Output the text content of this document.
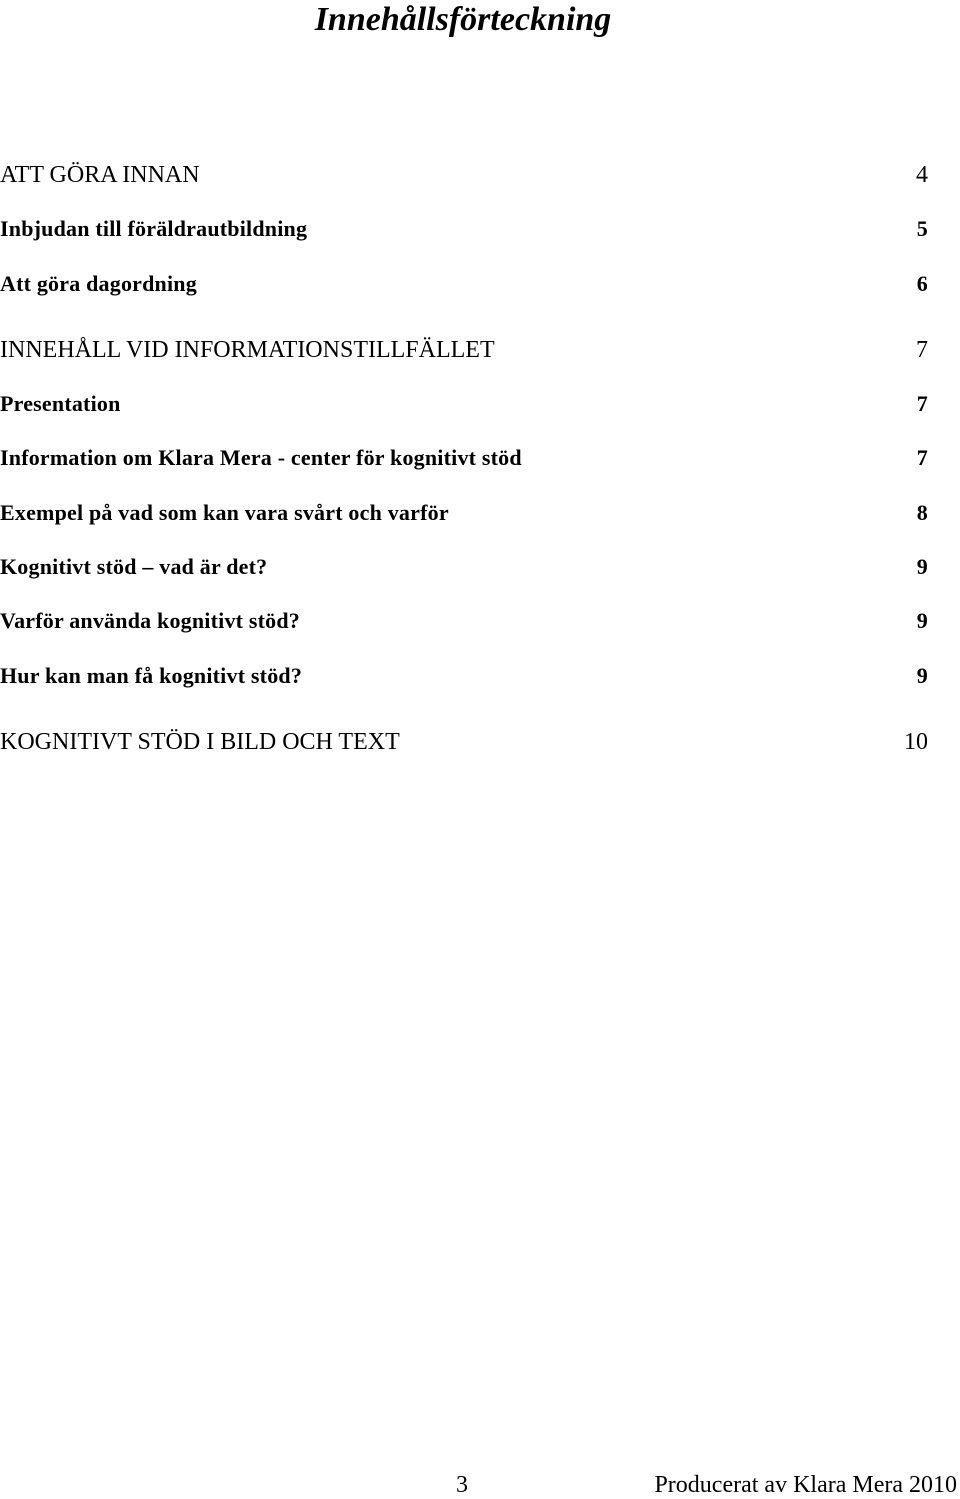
Innehållsförteckning
ATT GÖRA INNAN	4
Inbjudan till föräldrautbildning	5
Att göra dagordning	6
INNEHÅLL VID INFORMATIONSTILLFÄLLET	7
Presentation	7
Information om Klara Mera - center för kognitivt stöd	7
Exempel på vad som kan vara svårt och varför	8
Kognitivt stöd – vad är det?	9
Varför använda kognitivt stöd?	9
Hur kan man få kognitivt stöd?	9
KOGNITIVT STÖD I BILD OCH TEXT	10
3	Producerat av Klara Mera 2010
